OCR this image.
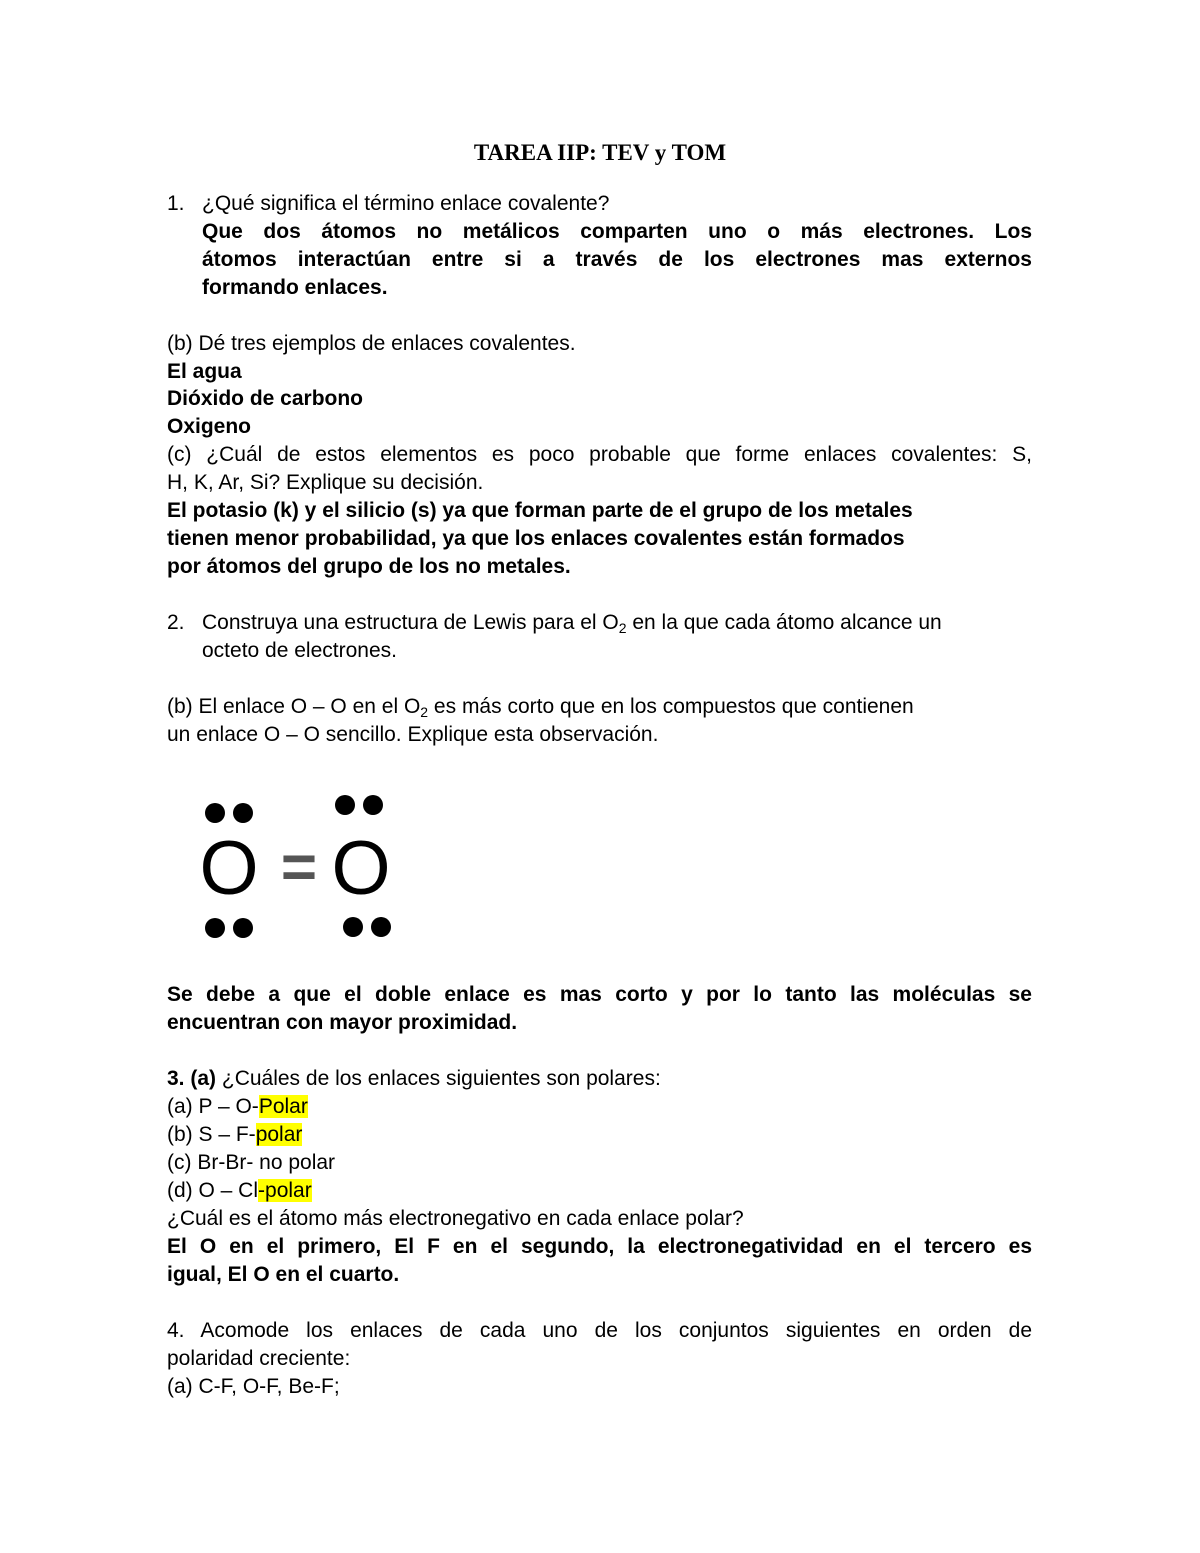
TAREA IIP: TEV y TOM
1. ¿Qué significa el término enlace covalente?
Que dos átomos no metálicos comparten uno o más electrones. Los
átomos interactúan entre si a través de los electrones mas externos
formando enlaces.
(b) Dé tres ejemplos de enlaces covalentes.
El agua
Dióxido de carbono
Oxigeno
(c) ¿Cuál de estos elementos es poco probable que forme enlaces covalentes: S,
H, K, Ar, Si? Explique su decisión.
El potasio (k) y el silicio (s) ya que forman parte de el grupo de los metales
tienen menor probabilidad, ya que los enlaces covalentes están formados
por átomos del grupo de los no metales.
2. Construya una estructura de Lewis para el $O_2$ en la que cada átomo alcance un
octeto de electrones.
(b) El enlace O – O en el $O_2$ es más corto que en los compuestos que contienen
un enlace O – O sencillo. Explique esta observación.
O = O
Se debe a que el doble enlace es mas corto y por lo tanto las moléculas se
encuentran con mayor proximidad.
3. (a) ¿Cuáles de los enlaces siguientes son polares:
(a) P – O-Polar
(b) S – F-polar
(c) Br-Br- no polar
(d) O – Cl-polar
¿Cuál es el átomo más electronegativo en cada enlace polar?
El O en el primero, El F en el segundo, la electronegatividad en el tercero es
igual, El O en el cuarto.
4. Acomode los enlaces de cada uno de los conjuntos siguientes en orden de
polaridad creciente:
(a) C-F, O-F, Be-F;
